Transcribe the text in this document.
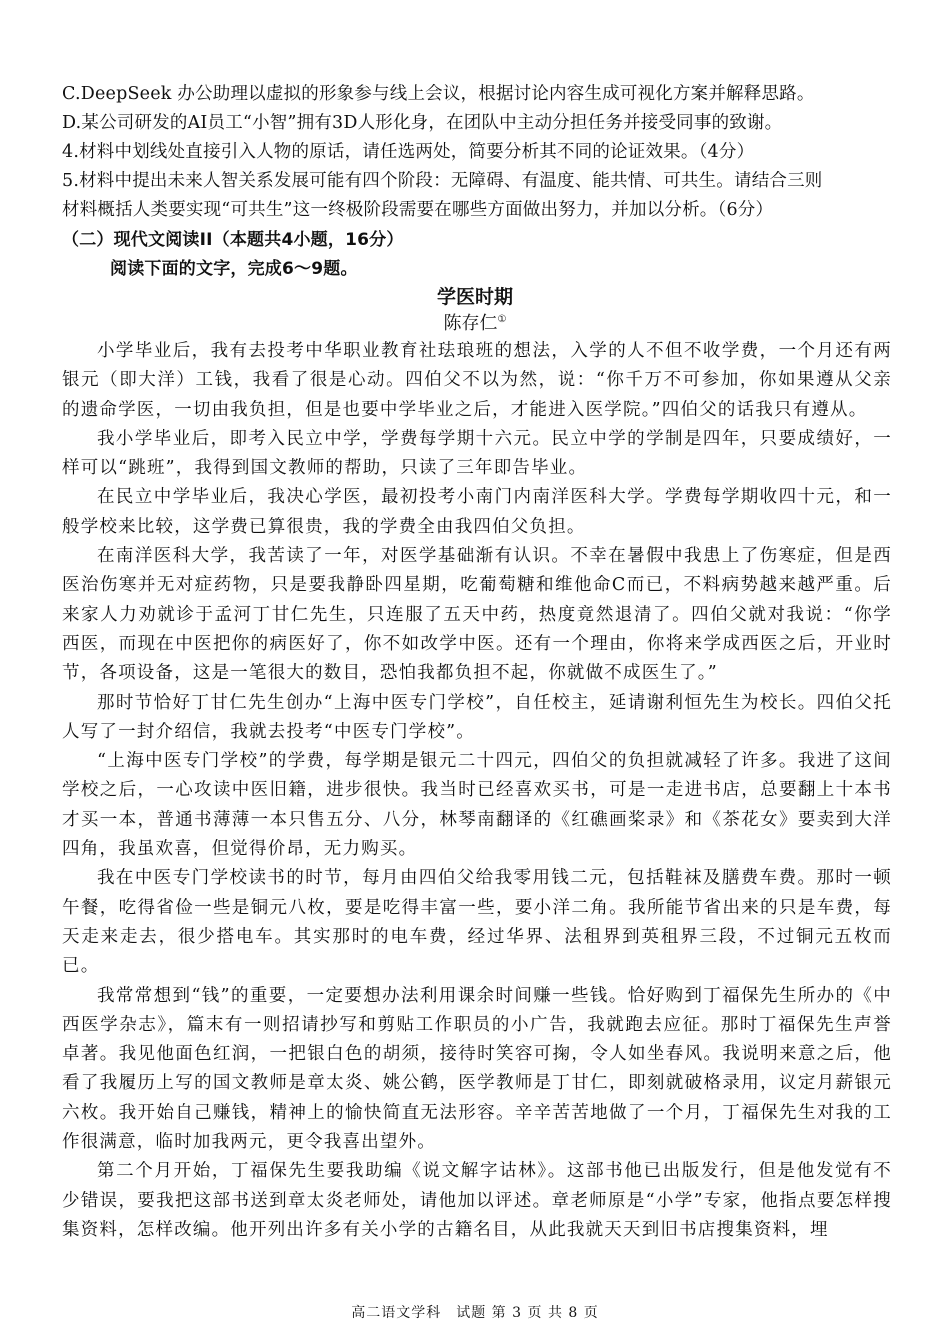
C.DeepSeek 办公助理以虚拟的形象参与线上会议，根据讨论内容生成可视化方案并解释思路。
D.某公司研发的AI员工“小智”拥有3D人形化身，在团队中主动分担任务并接受同事的致谢。
4.材料中划线处直接引入人物的原话，请任选两处，简要分析其不同的论证效果。（4分）
5.材料中提出未来人智关系发展可能有四个阶段：无障碍、有温度、能共情、可共生。请结合三则
材料概括人类要实现“可共生”这一终极阶段需要在哪些方面做出努力，并加以分析。（6分）
（二）现代文阅读II（本题共4小题，16分）
阅读下面的文字，完成6～9题。
学医时期
陈存仁①

小学毕业后，我有去投考中华职业教育社珐琅班的想法，入学的人不但不收学费，一个月还有两银元（即大洋）工钱，我看了很是心动。四伯父不以为然，说：“你千万不可参加，你如果遵从父亲的遗命学医，一切由我负担，但是也要中学毕业之后，才能进入医学院。”四伯父的话我只有遵从。

我小学毕业后，即考入民立中学，学费每学期十六元。民立中学的学制是四年，只要成绩好，一样可以“跳班”，我得到国文教师的帮助，只读了三年即告毕业。

在民立中学毕业后，我决心学医，最初投考小南门内南洋医科大学。学费每学期收四十元，和一般学校来比较，这学费已算很贵，我的学费全由我四伯父负担。

在南洋医科大学，我苦读了一年，对医学基础渐有认识。不幸在暑假中我患上了伤寒症，但是西医治伤寒并无对症药物，只是要我静卧四星期，吃葡萄糖和维他命C而已，不料病势越来越严重。后来家人力劝就诊于孟河丁甘仁先生，只连服了五天中药，热度竟然退清了。四伯父就对我说：“你学西医，而现在中医把你的病医好了，你不如改学中医。还有一个理由，你将来学成西医之后，开业时节，各项设备，这是一笔很大的数目，恐怕我都负担不起，你就做不成医生了。”

那时节恰好丁甘仁先生创办“上海中医专门学校”，自任校主，延请谢利恒先生为校长。四伯父托人写了一封介绍信，我就去投考“中医专门学校”。

“上海中医专门学校”的学费，每学期是银元二十四元，四伯父的负担就减轻了许多。我进了这间学校之后，一心攻读中医旧籍，进步很快。我当时已经喜欢买书，可是一走进书店，总要翻上十本书才买一本，普通书薄薄一本只售五分、八分，林琴南翻译的《红礁画桨录》和《茶花女》要卖到大洋四角，我虽欢喜，但觉得价昂，无力购买。

我在中医专门学校读书的时节，每月由四伯父给我零用钱二元，包括鞋袜及膳费车费。那时一顿午餐，吃得省俭一些是铜元八枚，要是吃得丰富一些，要小洋二角。我所能节省出来的只是车费，每天走来走去，很少搭电车。其实那时的电车费，经过华界、法租界到英租界三段，不过铜元五枚而已。

我常常想到“钱”的重要，一定要想办法利用课余时间赚一些钱。恰好购到丁福保先生所办的《中西医学杂志》，篇末有一则招请抄写和剪贴工作职员的小广告，我就跑去应征。那时丁福保先生声誉卓著。我见他面色红润，一把银白色的胡须，接待时笑容可掬，令人如坐春风。我说明来意之后，他看了我履历上写的国文教师是章太炎、姚公鹤，医学教师是丁甘仁，即刻就破格录用，议定月薪银元六枚。我开始自己赚钱，精神上的愉快简直无法形容。辛辛苦苦地做了一个月，丁福保先生对我的工作很满意，临时加我两元，更令我喜出望外。

第二个月开始，丁福保先生要我助编《说文解字诂林》。这部书他已出版发行，但是他发觉有不少错误，要我把这部书送到章太炎老师处，请他加以评述。章老师原是“小学”专家，他指点要怎样搜集资料，怎样改编。他开列出许多有关小学的古籍名目，从此我就天天到旧书店搜集资料，埋

高二语文学科　试题 第 3 页 共 8 页
